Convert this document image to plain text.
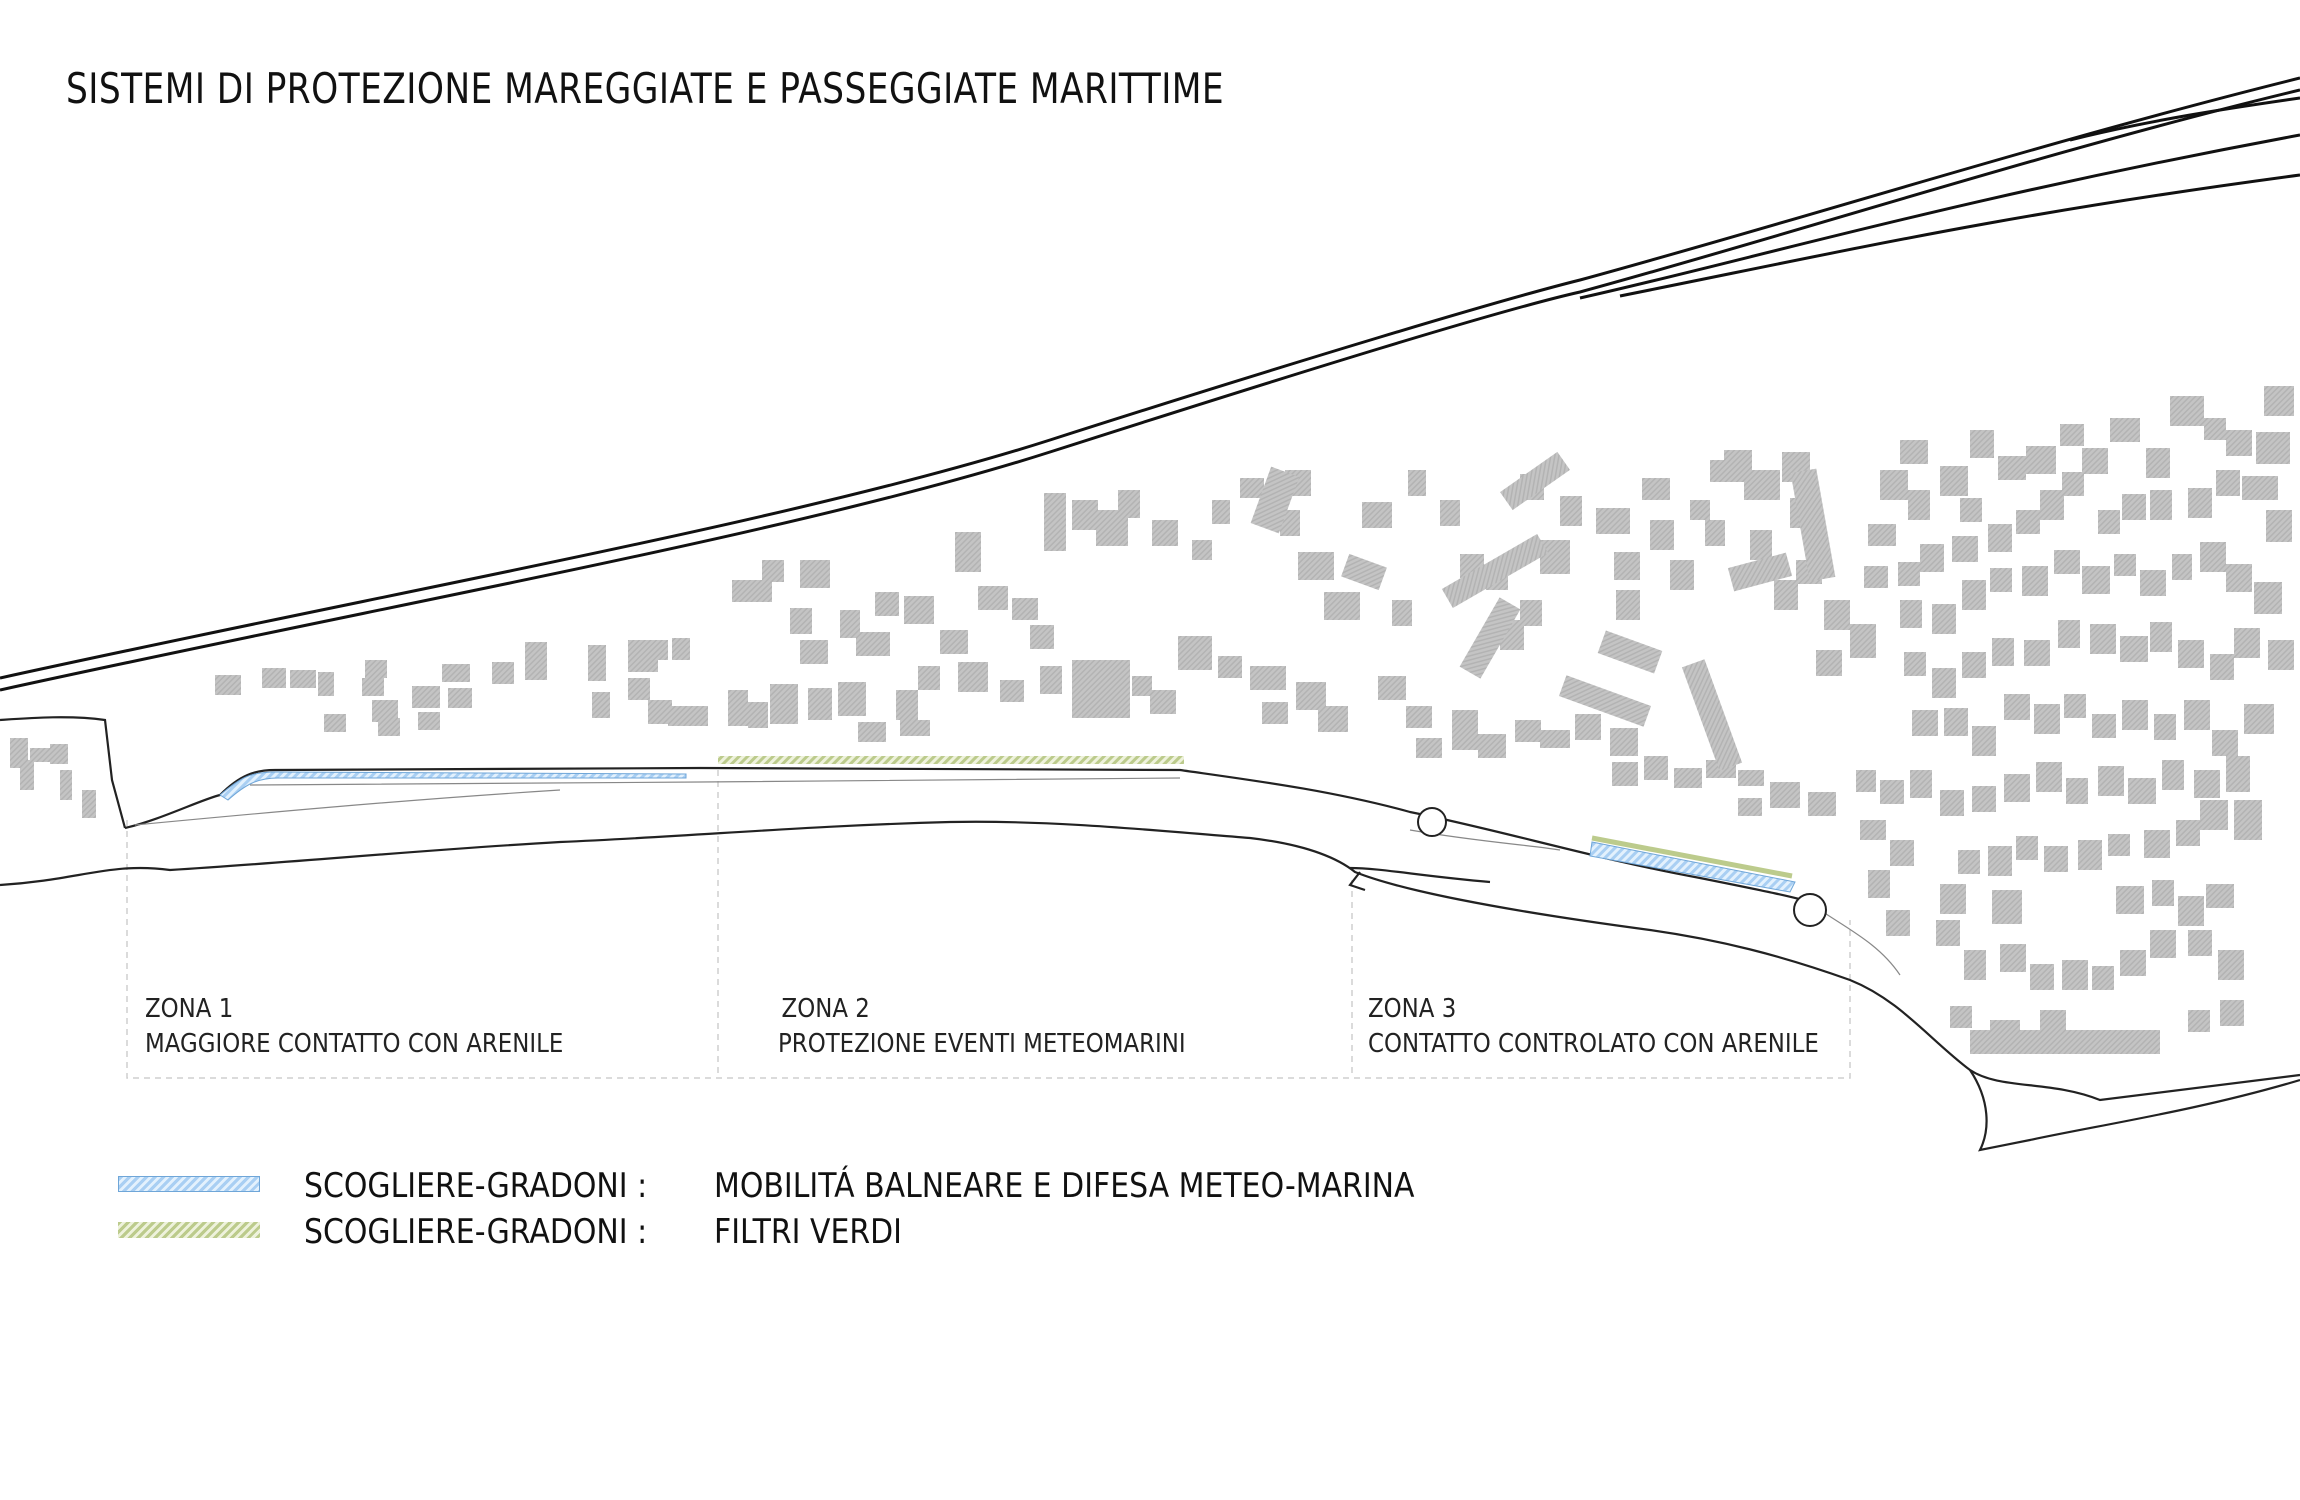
SISTEMI DI PROTEZIONE MAREGGIATE E PASSEGGIATE MARITTIME
ZONA 1
MAGGIORE CONTATTO CON ARENILE
ZONA 2
PROTEZIONE EVENTI METEOMARINI
ZONA 3
CONTATTO CONTROLATO CON ARENILE
SCOGLIERE-GRADONI : MOBILITÁ BALNEARE E DIFESA METEO-MARINA
SCOGLIERE-GRADONI : FILTRI VERDI
